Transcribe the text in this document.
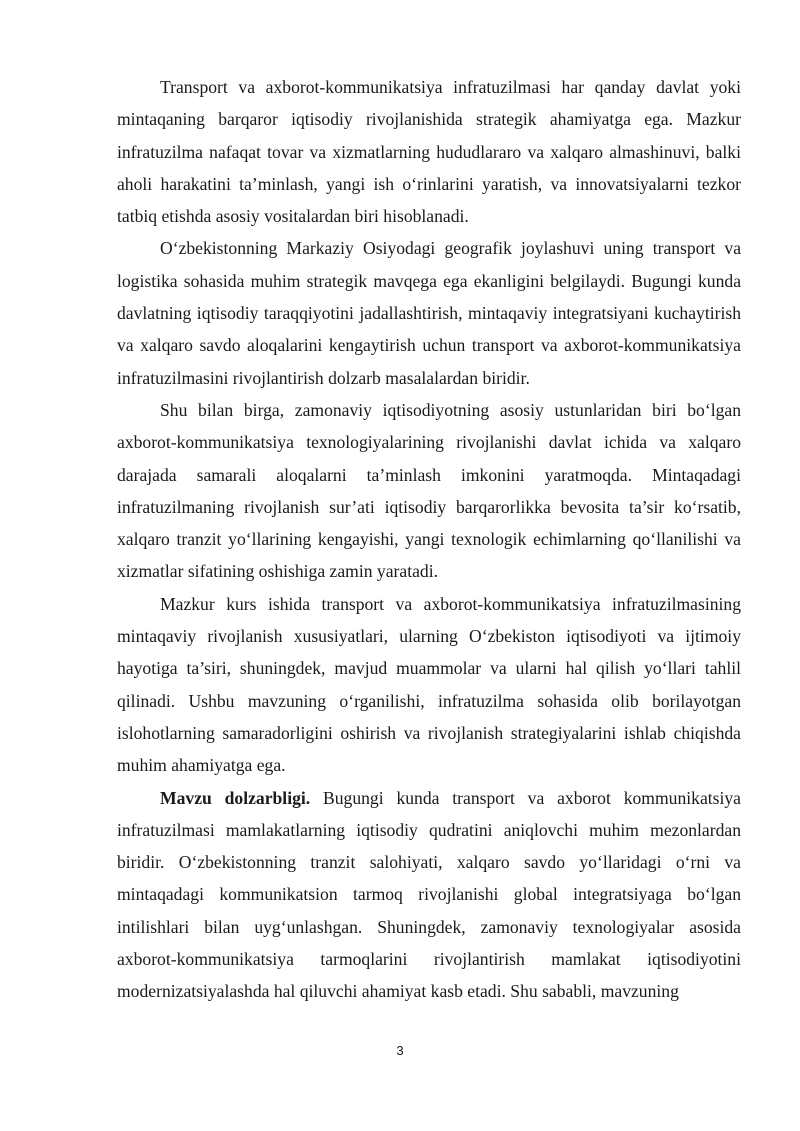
Transport va axborot-kommunikatsiya infratuzilmasi har qanday davlat yoki mintaqaning barqaror iqtisodiy rivojlanishida strategik ahamiyatga ega. Mazkur infratuzilma nafaqat tovar va xizmatlarning hududlararo va xalqaro almashinuvi, balki aholi harakatini ta’minlash, yangi ish o‘rinlarini yaratish, va innovatsiyalarni tezkor tatbiq etishda asosiy vositalardan biri hisoblanadi.

O‘zbekistonning Markaziy Osiyodagi geografik joylashuvi uning transport va logistika sohasida muhim strategik mavqega ega ekanligini belgilaydi. Bugungi kunda davlatning iqtisodiy taraqqiyotini jadallashtirish, mintaqaviy integratsiyani kuchaytirish va xalqaro savdo aloqalarini kengaytirish uchun transport va axborot-kommunikatsiya infratuzilmasini rivojlantirish dolzarb masalalardan biridir.

Shu bilan birga, zamonaviy iqtisodiyotning asosiy ustunlaridan biri bo‘lgan axborot-kommunikatsiya texnologiyalarining rivojlanishi davlat ichida va xalqaro darajada samarali aloqalarni ta’minlash imkonini yaratmoqda. Mintaqadagi infratuzilmaning rivojlanish sur’ati iqtisodiy barqarorlikka bevosita ta’sir ko‘rsatib, xalqaro tranzit yo‘llarining kengayishi, yangi texnologik echimlarning qo‘llanilishi va xizmatlar sifatining oshishiga zamin yaratadi.

Mazkur kurs ishida transport va axborot-kommunikatsiya infratuzilmasining mintaqaviy rivojlanish xususiyatlari, ularning O‘zbekiston iqtisodiyoti va ijtimoiy hayotiga ta’siri, shuningdek, mavjud muammolar va ularni hal qilish yo‘llari tahlil qilinadi. Ushbu mavzuning o‘rganilishi, infratuzilma sohasida olib borilayotgan islohotlarning samaradorligini oshirish va rivojlanish strategiyalarini ishlab chiqishda muhim ahamiyatga ega.

Mavzu dolzarbligi. Bugungi kunda transport va axborot kommunikatsiya infratuzilmasi mamlakatlarning iqtisodiy qudratini aniqlovchi muhim mezonlardan biridir. O‘zbekistonning tranzit salohiyati, xalqaro savdo yo‘llaridagi o‘rni va mintaqadagi kommunikatsion tarmoq rivojlanishi global integratsiyaga bo‘lgan intilishlari bilan uyg‘unlashgan. Shuningdek, zamonaviy texnologiyalar asosida axborot-kommunikatsiya tarmoqlarini rivojlantirish mamlakat iqtisodiyotini modernizatsiyalashda hal qiluvchi ahamiyat kasb etadi. Shu sababli, mavzuning

3
